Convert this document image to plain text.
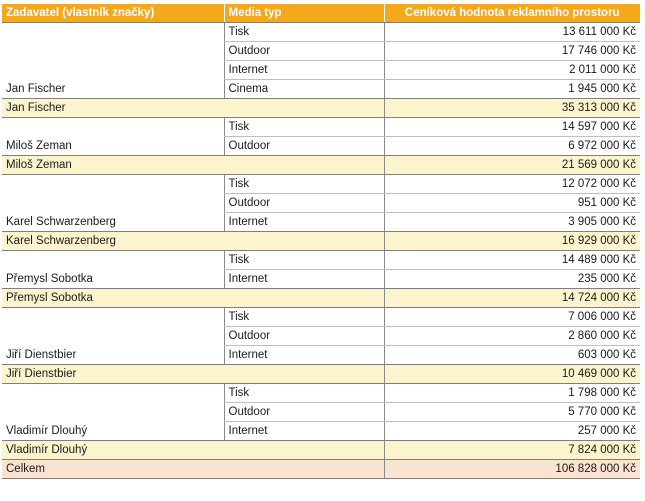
Zadavatel (vlastník značky)	Media typ	Ceníková hodnota reklamního prostoru
	Tisk	13 611 000 Kč
	Outdoor	17 746 000 Kč
	Internet	2 011 000 Kč
Jan Fischer	Cinema	1 945 000 Kč
Jan Fischer		35 313 000 Kč
	Tisk	14 597 000 Kč
Miloš Zeman	Outdoor	6 972 000 Kč
Miloš Zeman		21 569 000 Kč
	Tisk	12 072 000 Kč
	Outdoor	951 000 Kč
Karel Schwarzenberg	Internet	3 905 000 Kč
Karel Schwarzenberg		16 929 000 Kč
	Tisk	14 489 000 Kč
Přemysl Sobotka	Internet	235 000 Kč
Přemysl Sobotka		14 724 000 Kč
	Tisk	7 006 000 Kč
	Outdoor	2 860 000 Kč
Jiří Dienstbier	Internet	603 000 Kč
Jiří Dienstbier		10 469 000 Kč
	Tisk	1 798 000 Kč
	Outdoor	5 770 000 Kč
Vladimír Dlouhý	Internet	257 000 Kč
Vladimír Dlouhý		7 824 000 Kč
Celkem		106 828 000 Kč
